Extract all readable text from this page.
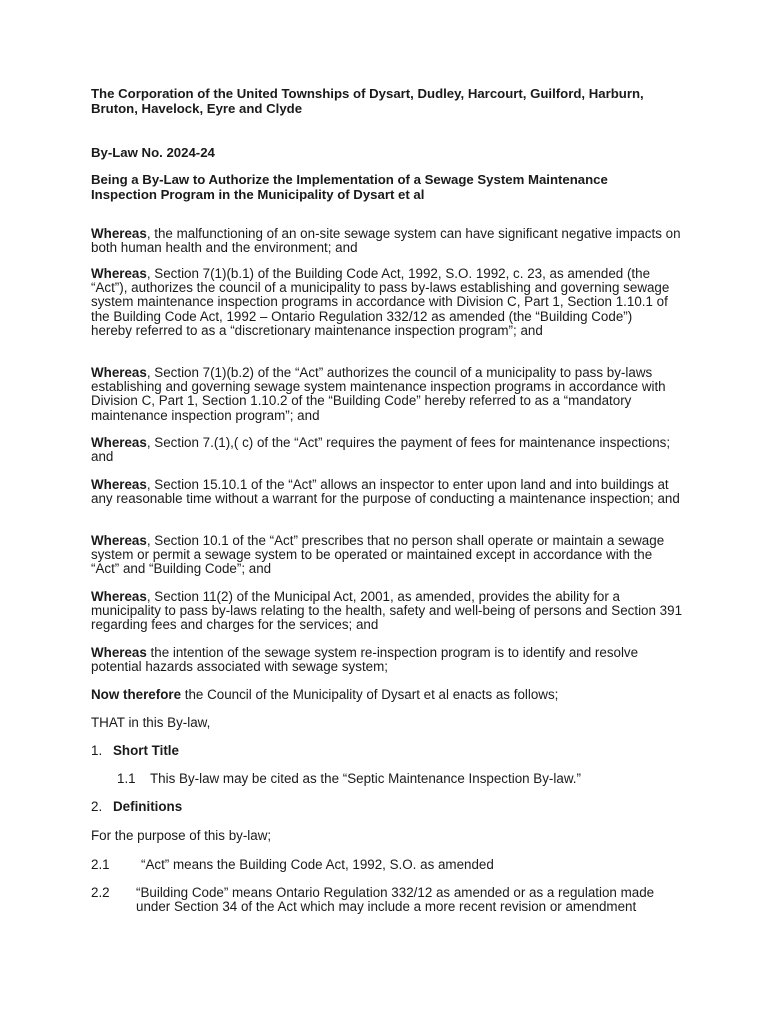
The Corporation of the United Townships of Dysart, Dudley, Harcourt, Guilford, Harburn, Bruton, Havelock, Eyre and Clyde

By-Law No. 2024-24

Being a By-Law to Authorize the Implementation of a Sewage System Maintenance Inspection Program in the Municipality of Dysart et al

Whereas, the malfunctioning of an on-site sewage system can have significant negative impacts on both human health and the environment; and

Whereas, Section 7(1)(b.1) of the Building Code Act, 1992, S.O. 1992, c. 23, as amended (the “Act”), authorizes the council of a municipality to pass by-laws establishing and governing sewage system maintenance inspection programs in accordance with Division C, Part 1, Section 1.10.1 of the Building Code Act, 1992 – Ontario Regulation 332/12 as amended (the “Building Code”) hereby referred to as a “discretionary maintenance inspection program”; and

Whereas, Section 7(1)(b.2) of the “Act” authorizes the council of a municipality to pass by-laws establishing and governing sewage system maintenance inspection programs in accordance with Division C, Part 1, Section 1.10.2 of the “Building Code” hereby referred to as a “mandatory maintenance inspection program”; and

Whereas, Section 7.(1),( c) of the “Act” requires the payment of fees for maintenance inspections; and

Whereas, Section 15.10.1 of the “Act” allows an inspector to enter upon land and into buildings at any reasonable time without a warrant for the purpose of conducting a maintenance inspection; and

Whereas, Section 10.1 of the “Act” prescribes that no person shall operate or maintain a sewage system or permit a sewage system to be operated or maintained except in accordance with the “Act” and “Building Code”; and

Whereas, Section 11(2) of the Municipal Act, 2001, as amended, provides the ability for a municipality to pass by-laws relating to the health, safety and well-being of persons and Section 391 regarding fees and charges for the services; and

Whereas the intention of the sewage system re-inspection program is to identify and resolve potential hazards associated with sewage system;

Now therefore the Council of the Municipality of Dysart et al enacts as follows;

THAT in this By-law,

1. Short Title
1.1 This By-law may be cited as the “Septic Maintenance Inspection By-law.”
2. Definitions

For the purpose of this by-law;

2.1 “Act” means the Building Code Act, 1992, S.O. as amended
2.2 “Building Code” means Ontario Regulation 332/12 as amended or as a regulation made under Section 34 of the Act which may include a more recent revision or amendment
